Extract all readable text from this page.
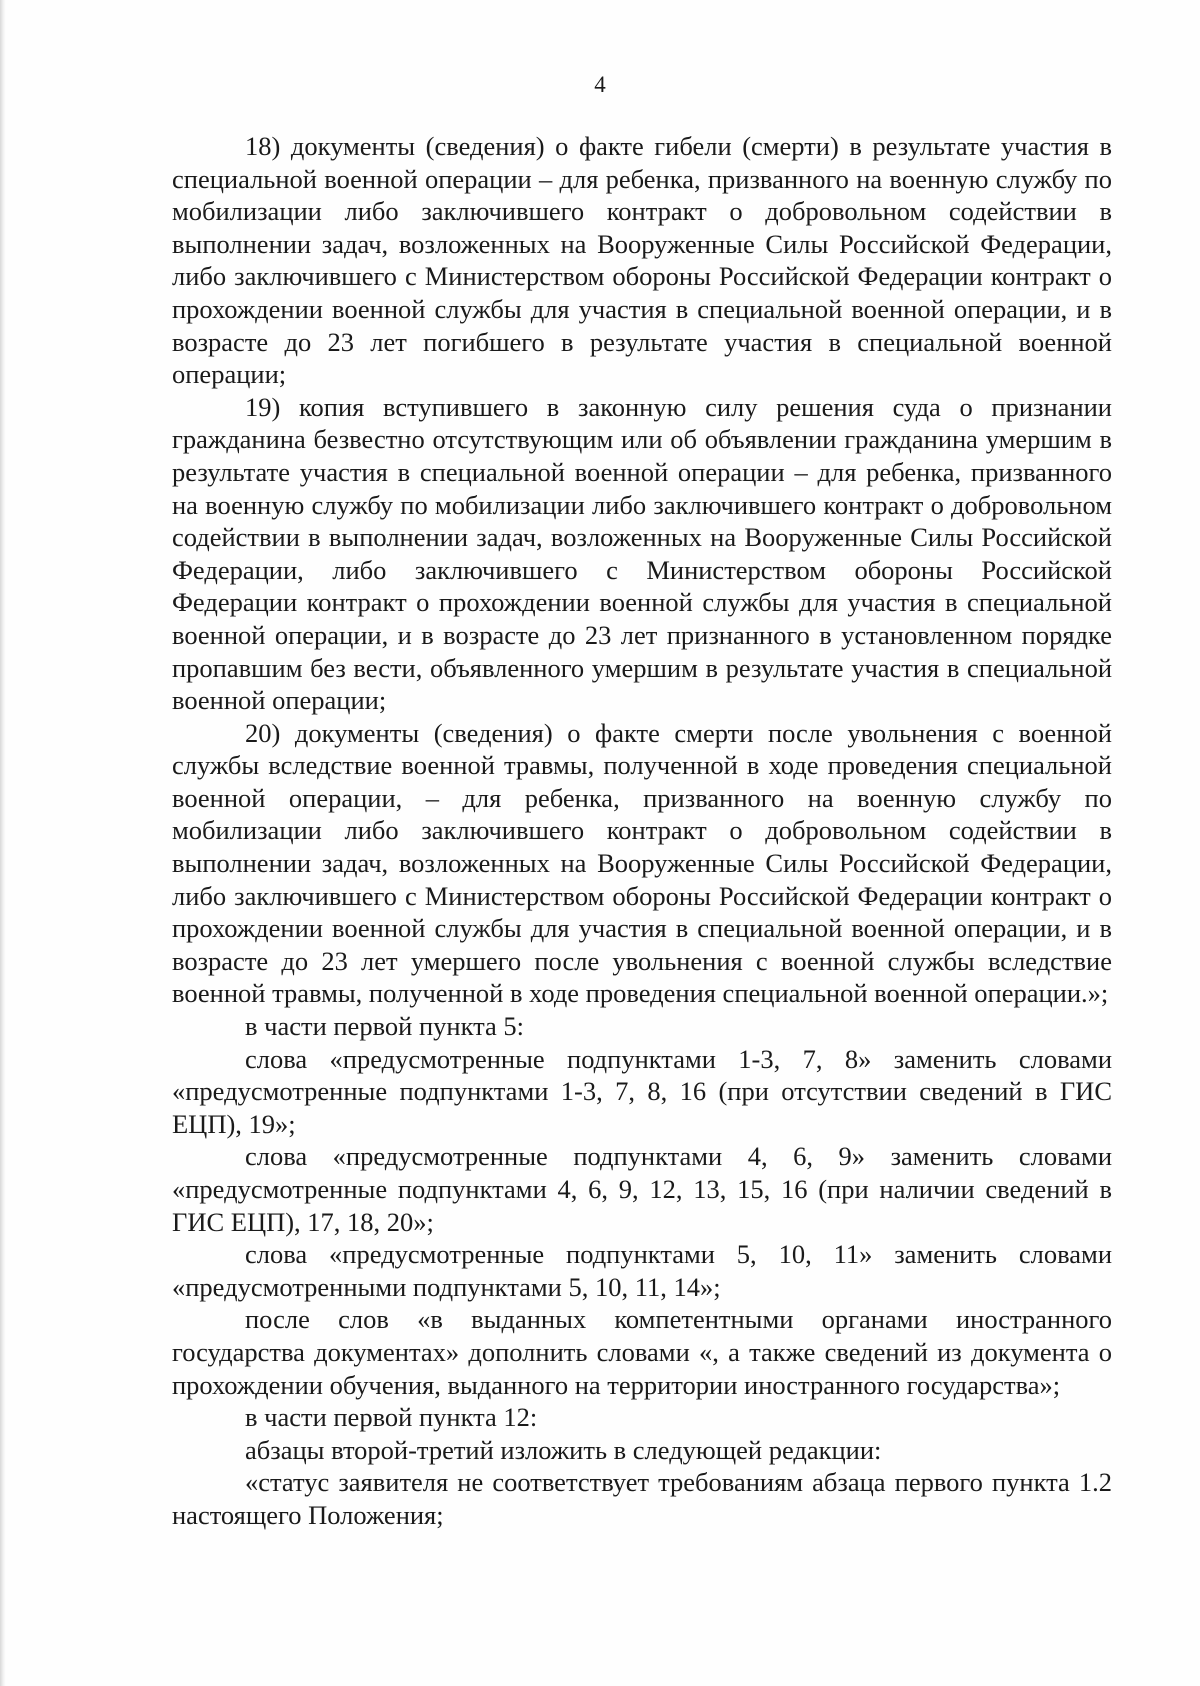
4

18) документы (сведения) о факте гибели (смерти) в результате участия в специальной военной операции – для ребенка, призванного на военную службу по мобилизации либо заключившего контракт о добровольном содействии в выполнении задач, возложенных на Вооруженные Силы Российской Федерации, либо заключившего с Министерством обороны Российской Федерации контракт о прохождении военной службы для участия в специальной военной операции, и в возрасте до 23 лет погибшего в результате участия в специальной военной операции;

19) копия вступившего в законную силу решения суда о признании гражданина безвестно отсутствующим или об объявлении гражданина умершим в результате участия в специальной военной операции – для ребенка, призванного на военную службу по мобилизации либо заключившего контракт о добровольном содействии в выполнении задач, возложенных на Вооруженные Силы Российской Федерации, либо заключившего с Министерством обороны Российской Федерации контракт о прохождении военной службы для участия в специальной военной операции, и в возрасте до 23 лет признанного в установленном порядке пропавшим без вести, объявленного умершим в результате участия в специальной военной операции;

20) документы (сведения) о факте смерти после увольнения с военной службы вследствие военной травмы, полученной в ходе проведения специальной военной операции, – для ребенка, призванного на военную службу по мобилизации либо заключившего контракт о добровольном содействии в выполнении задач, возложенных на Вооруженные Силы Российской Федерации, либо заключившего с Министерством обороны Российской Федерации контракт о прохождении военной службы для участия в специальной военной операции, и в возрасте до 23 лет умершего после увольнения с военной службы вследствие военной травмы, полученной в ходе проведения специальной военной операции.»;

в части первой пункта 5:

слова «предусмотренные подпунктами 1-3, 7, 8» заменить словами «предусмотренные подпунктами 1-3, 7, 8, 16 (при отсутствии сведений в ГИС ЕЦП), 19»;

слова «предусмотренные подпунктами 4, 6, 9» заменить словами «предусмотренные подпунктами 4, 6, 9, 12, 13, 15, 16 (при наличии сведений в ГИС ЕЦП), 17, 18, 20»;

слова «предусмотренные подпунктами 5, 10, 11» заменить словами «предусмотренными подпунктами 5, 10, 11, 14»;

после слов «в выданных компетентными органами иностранного государства документах» дополнить словами «, а также сведений из документа о прохождении обучения, выданного на территории иностранного государства»;

в части первой пункта 12:

абзацы второй-третий изложить в следующей редакции:

«статус заявителя не соответствует требованиям абзаца первого пункта 1.2 настоящего Положения;
